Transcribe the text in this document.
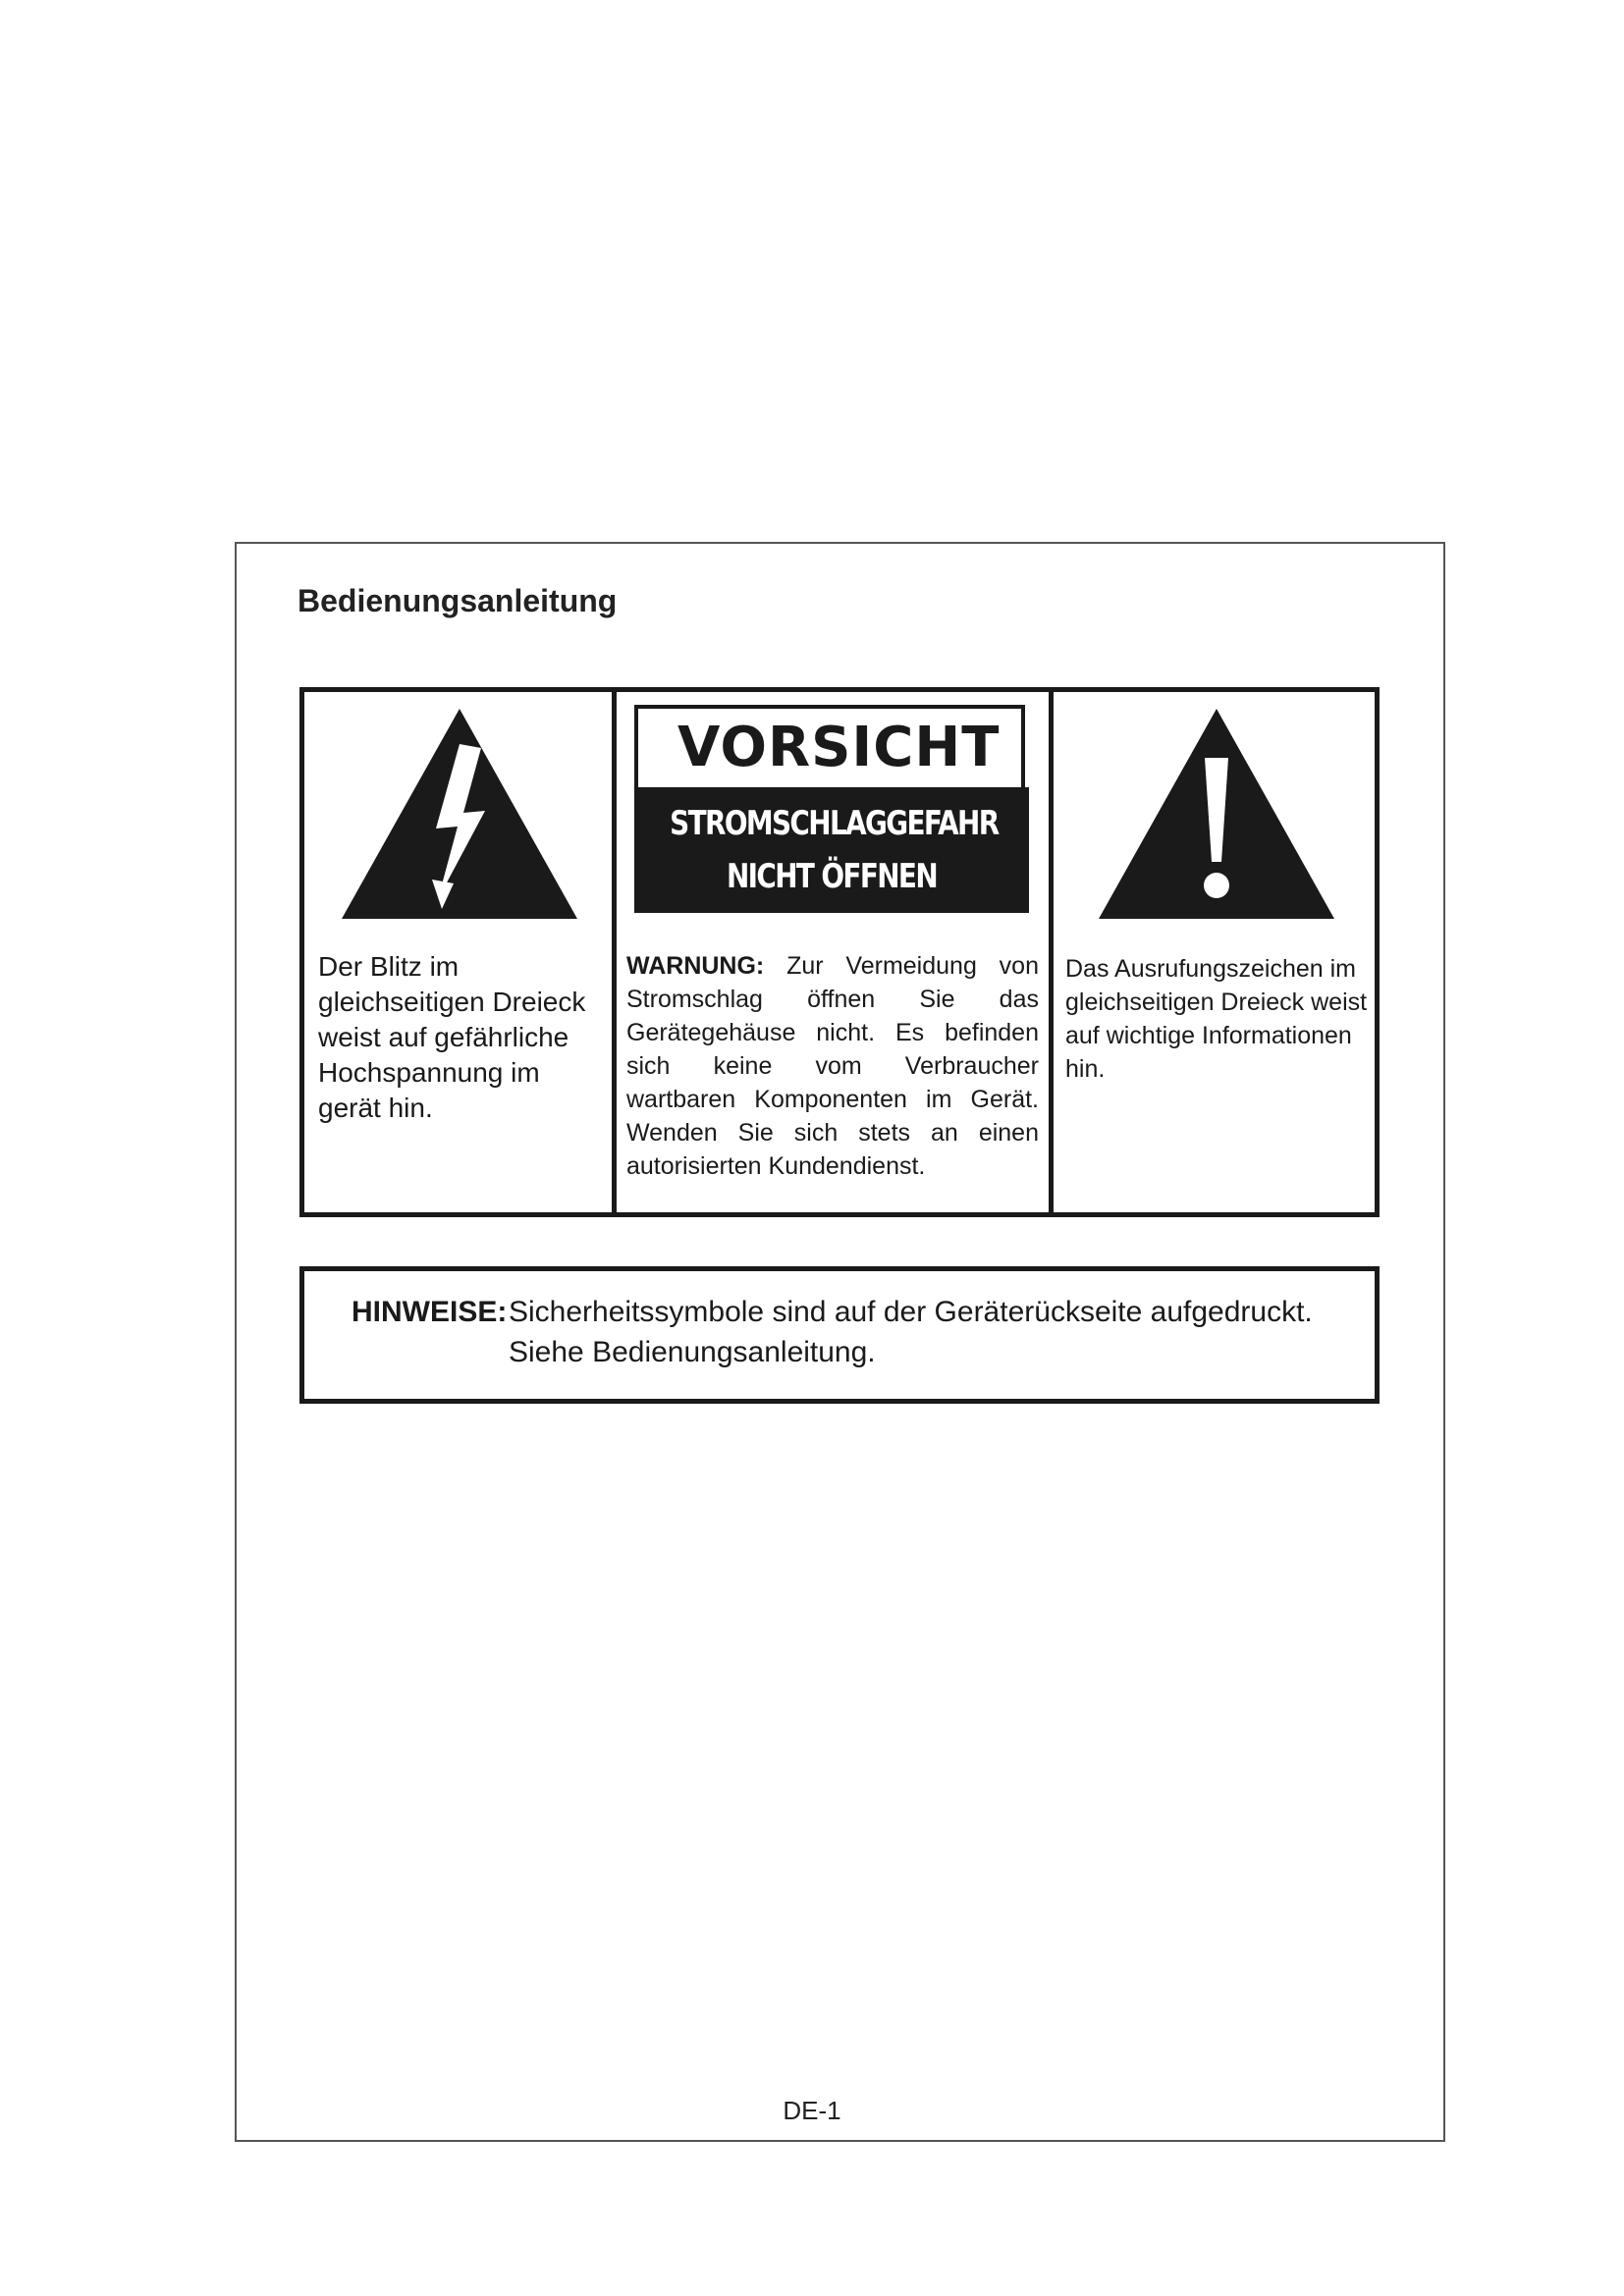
Bedienungsanleitung
Der Blitz im gleichseitigen Dreieck weist auf gefährliche Hochspannung im gerät hin.
VORSICHT
STROMSCHLAGGEFAHR
NICHT ÖFFNEN
WARNUNG: Zur Vermeidung von Stromschlag öffnen Sie das Gerätegehäuse nicht. Es befinden sich keine vom Verbraucher wartbaren Komponenten im Gerät. Wenden Sie sich stets an einen autorisierten Kundendienst.
Das Ausrufungszeichen im gleichseitigen Dreieck weist auf wichtige Informationen hin.
HINWEISE: Sicherheitssymbole sind auf der Geräterückseite aufgedruckt.
Siehe Bedienungsanleitung.
DE-1
